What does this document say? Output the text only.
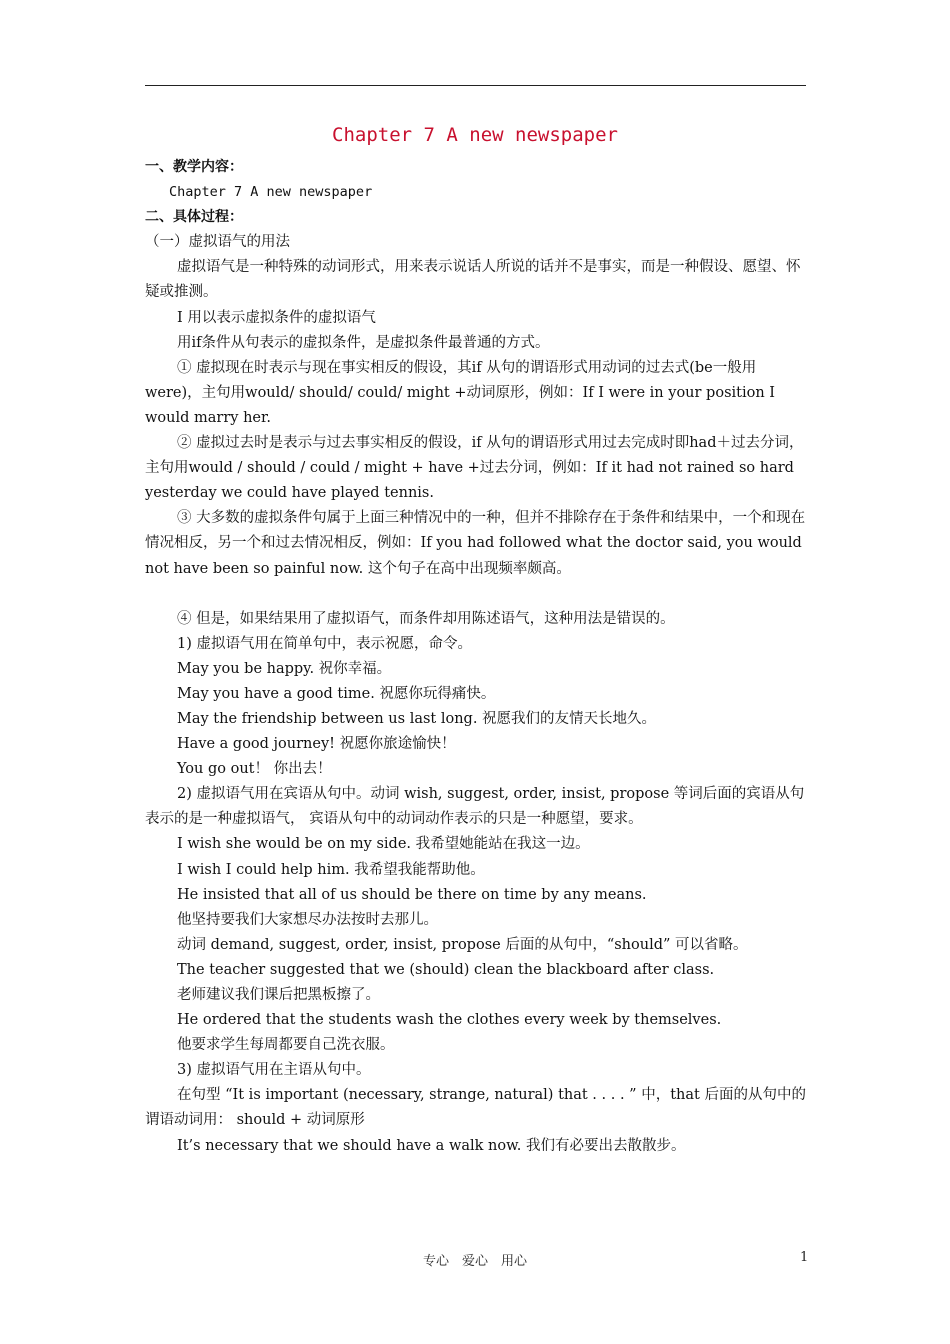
Chapter 7 A new newspaper

一、教学内容：

Chapter 7 A new newspaper

二、具体过程：

（一）虚拟语气的用法

虚拟语气是一种特殊的动词形式，用来表示说话人所说的话并不是事实，而是一种假设、愿望、怀疑或推测。

I 用以表示虚拟条件的虚拟语气

用if条件从句表示的虚拟条件，是虚拟条件最普通的方式。

① 虚拟现在时表示与现在事实相反的假设，其if 从句的谓语形式用动词的过去式(be一般用were)，主句用would/ should/ could/ might +动词原形，例如：If I were in your position I would marry her.

② 虚拟过去时是表示与过去事实相反的假设，if 从句的谓语形式用过去完成时即had＋过去分词，主句用would / should / could / might + have +过去分词，例如：If it had not rained so hard yesterday we could have played tennis.

③ 大多数的虚拟条件句属于上面三种情况中的一种，但并不排除存在于条件和结果中，一个和现在情况相反，另一个和过去情况相反，例如：If you had followed what the doctor said, you would not have been so painful now. 这个句子在高中出现频率颇高。

④ 但是，如果结果用了虚拟语气，而条件却用陈述语气，这种用法是错误的。

1) 虚拟语气用在简单句中，表示祝愿，命令。

May you be happy. 祝你幸福。

May you have a good time. 祝愿你玩得痛快。

May the friendship between us last long. 祝愿我们的友情天长地久。

Have a good journey! 祝愿你旅途愉快！

You go out！ 你出去！

2) 虚拟语气用在宾语从句中。动词 wish, suggest, order, insist, propose 等词后面的宾语从句表示的是一种虚拟语气， 宾语从句中的动词动作表示的只是一种愿望，要求。

I wish she would be on my side. 我希望她能站在我这一边。

I wish I could help him. 我希望我能帮助他。

He insisted that all of us should be there on time by any means.

他坚持要我们大家想尽办法按时去那儿。

动词 demand, suggest, order, insist, propose 后面的从句中，“should” 可以省略。

The teacher suggested that we (should) clean the blackboard after class.

老师建议我们课后把黑板擦了。

He ordered that the students wash the clothes every week by themselves.

他要求学生每周都要自己洗衣服。

3) 虚拟语气用在主语从句中。

在句型 “It is important (necessary, strange, natural) that . . . . ” 中，that 后面的从句中的谓语动词用： should + 动词原形

It’s necessary that we should have a walk now. 我们有必要出去散散步。

专心　爱心　用心	1
